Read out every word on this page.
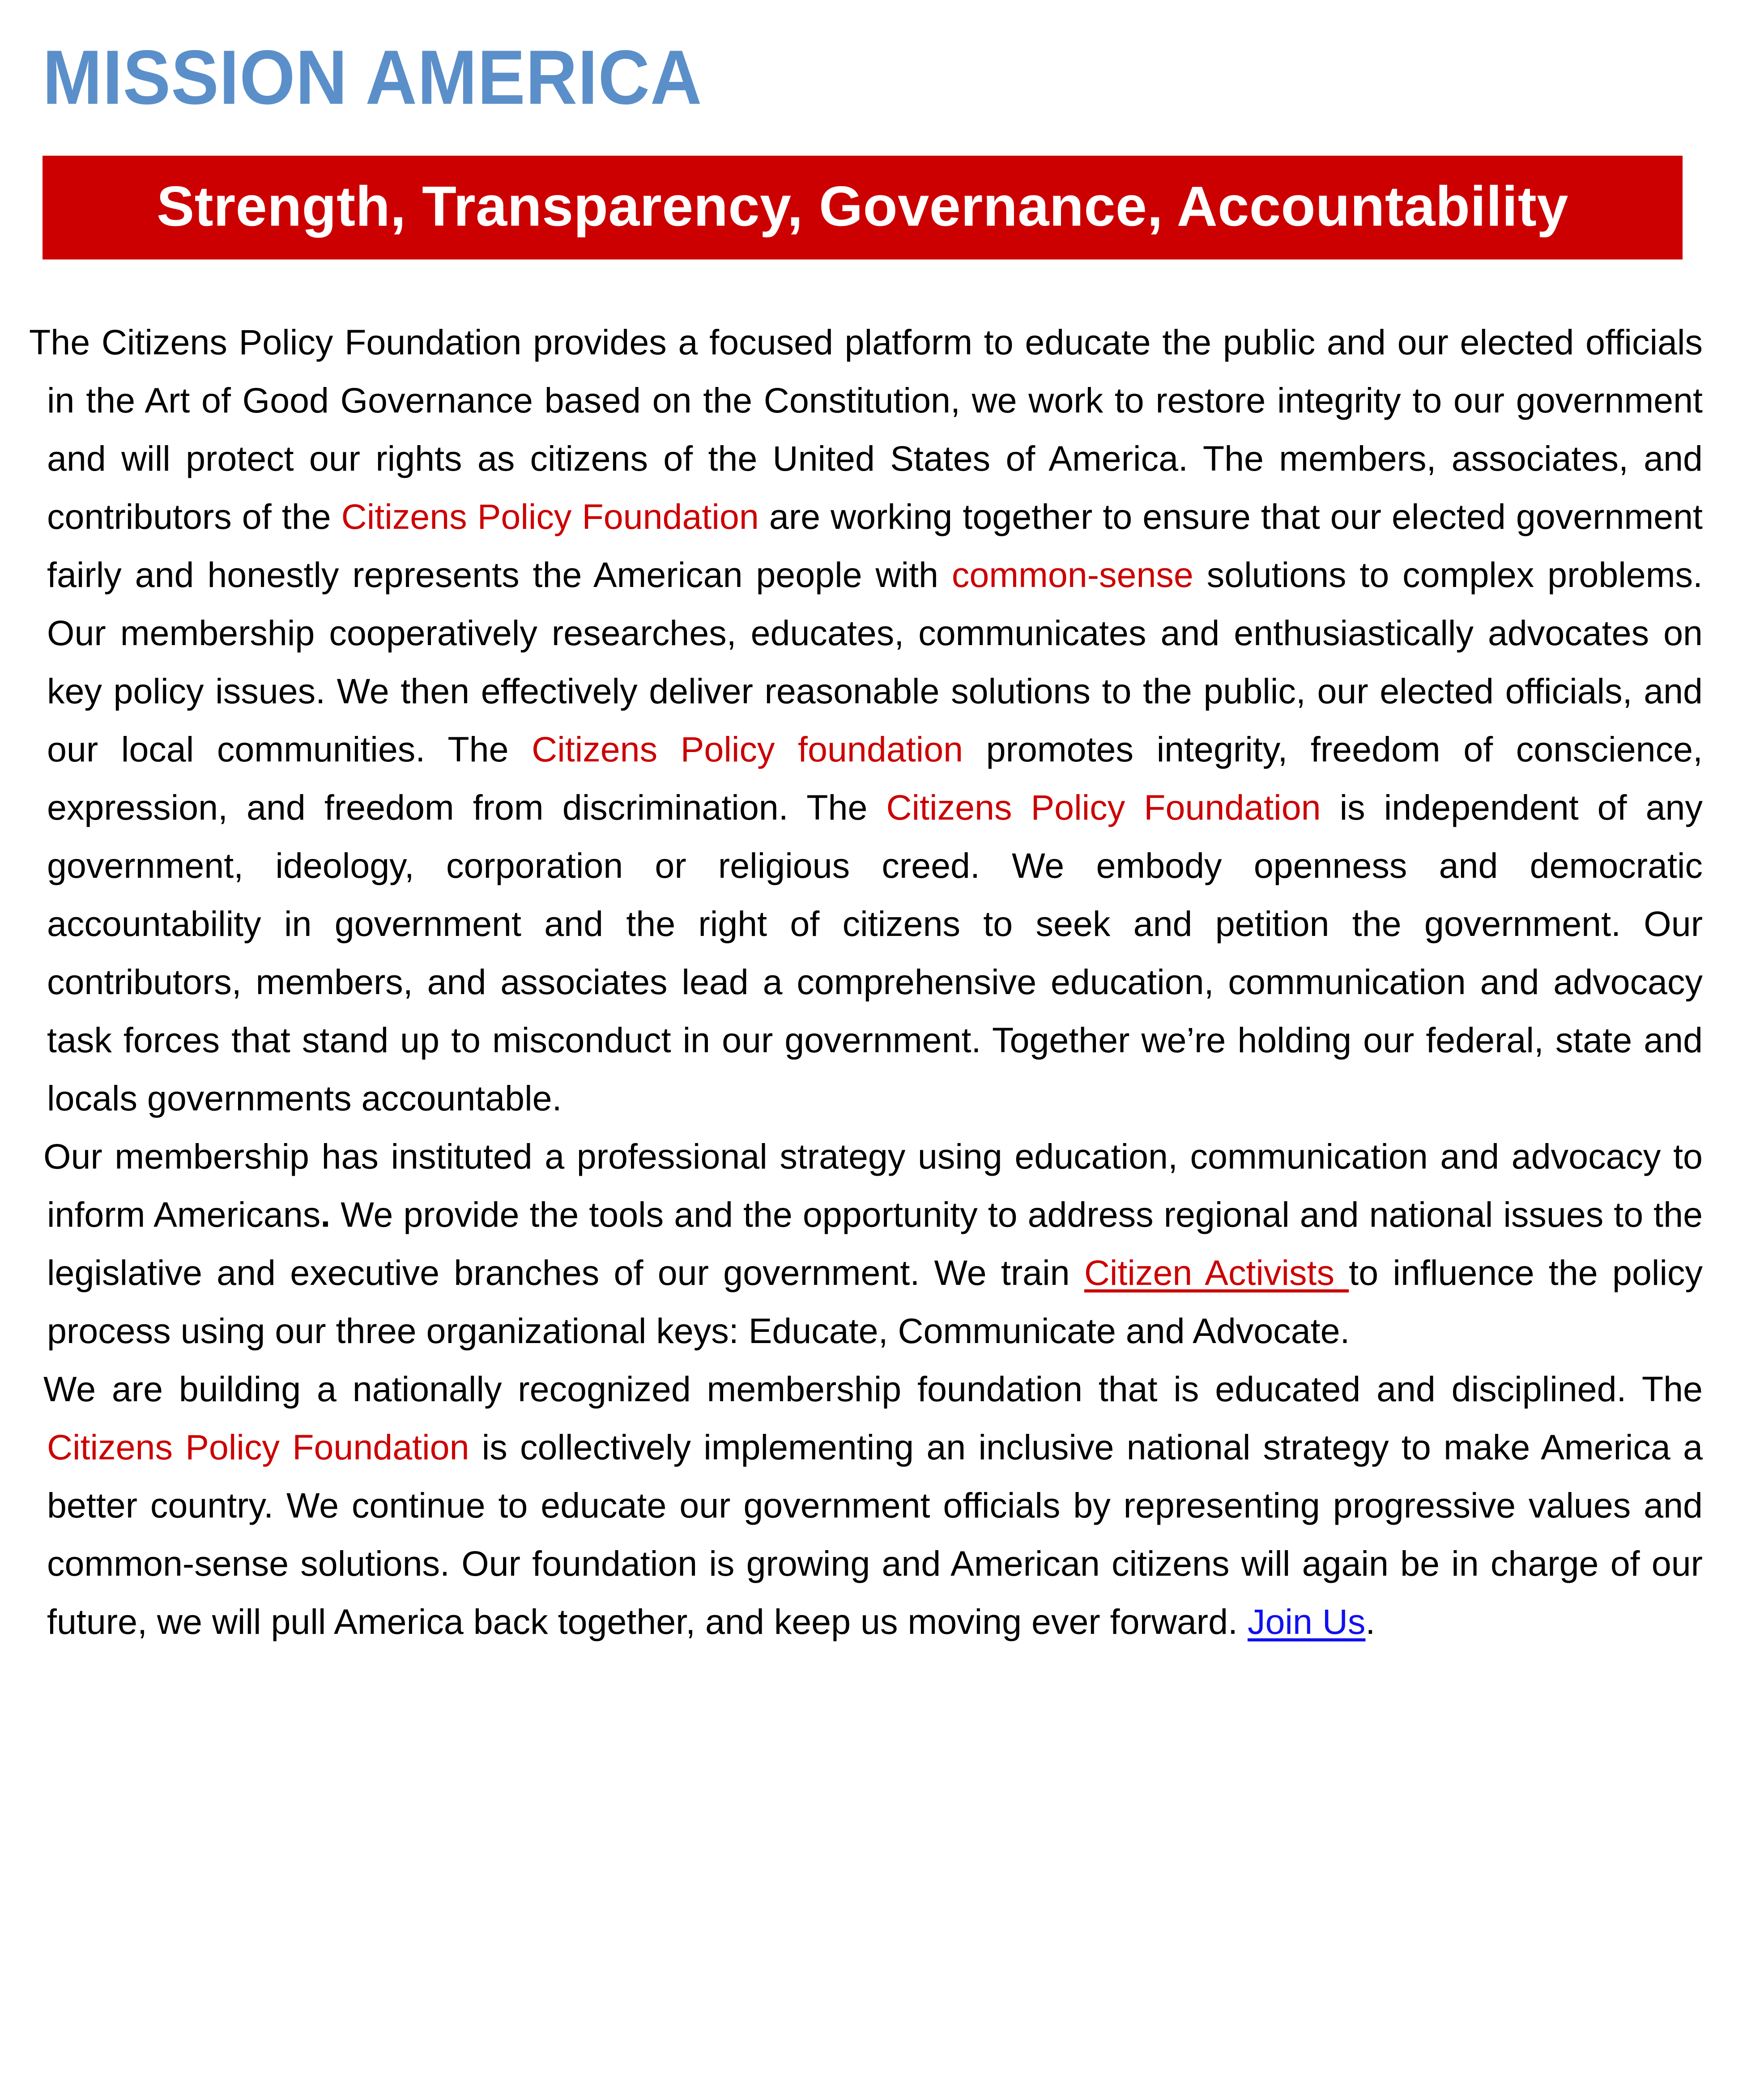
MISSION AMERICA
Strength, Transparency, Governance, Accountability

The Citizens Policy Foundation provides a focused platform to educate the public and our elected officials in the Art of Good Governance based on the Constitution, we work to restore integrity to our government and will protect our rights as citizens of the United States of America. The members, associates, and contributors of the Citizens Policy Foundation are working together to ensure that our elected government fairly and honestly represents the American people with common-sense solutions to complex problems. Our membership cooperatively researches, educates, communicates and enthusiastically advocates on key policy issues. We then effectively deliver reasonable solutions to the public, our elected officials, and our local communities. The Citizens Policy foundation promotes integrity, freedom of conscience, expression, and freedom from discrimination. The Citizens Policy Foundation is independent of any government, ideology, corporation or religious creed. We embody openness and democratic accountability in government and the right of citizens to seek and petition the government. Our contributors, members, and associates lead a comprehensive education, communication and advocacy task forces that stand up to misconduct in our government. Together we’re holding our federal, state and locals governments accountable.

Our membership has instituted a professional strategy using education, communication and advocacy to inform Americans. We provide the tools and the opportunity to address regional and national issues to the legislative and executive branches of our government. We train Citizen Activists to influence the policy process using our three organizational keys: Educate, Communicate and Advocate.

We are building a nationally recognized membership foundation that is educated and disciplined. The Citizens Policy Foundation is collectively implementing an inclusive national strategy to make America a better country. We continue to educate our government officials by representing progressive values and common-sense solutions. Our foundation is growing and American citizens will again be in charge of our future, we will pull America back together, and keep us moving ever forward. Join Us.
